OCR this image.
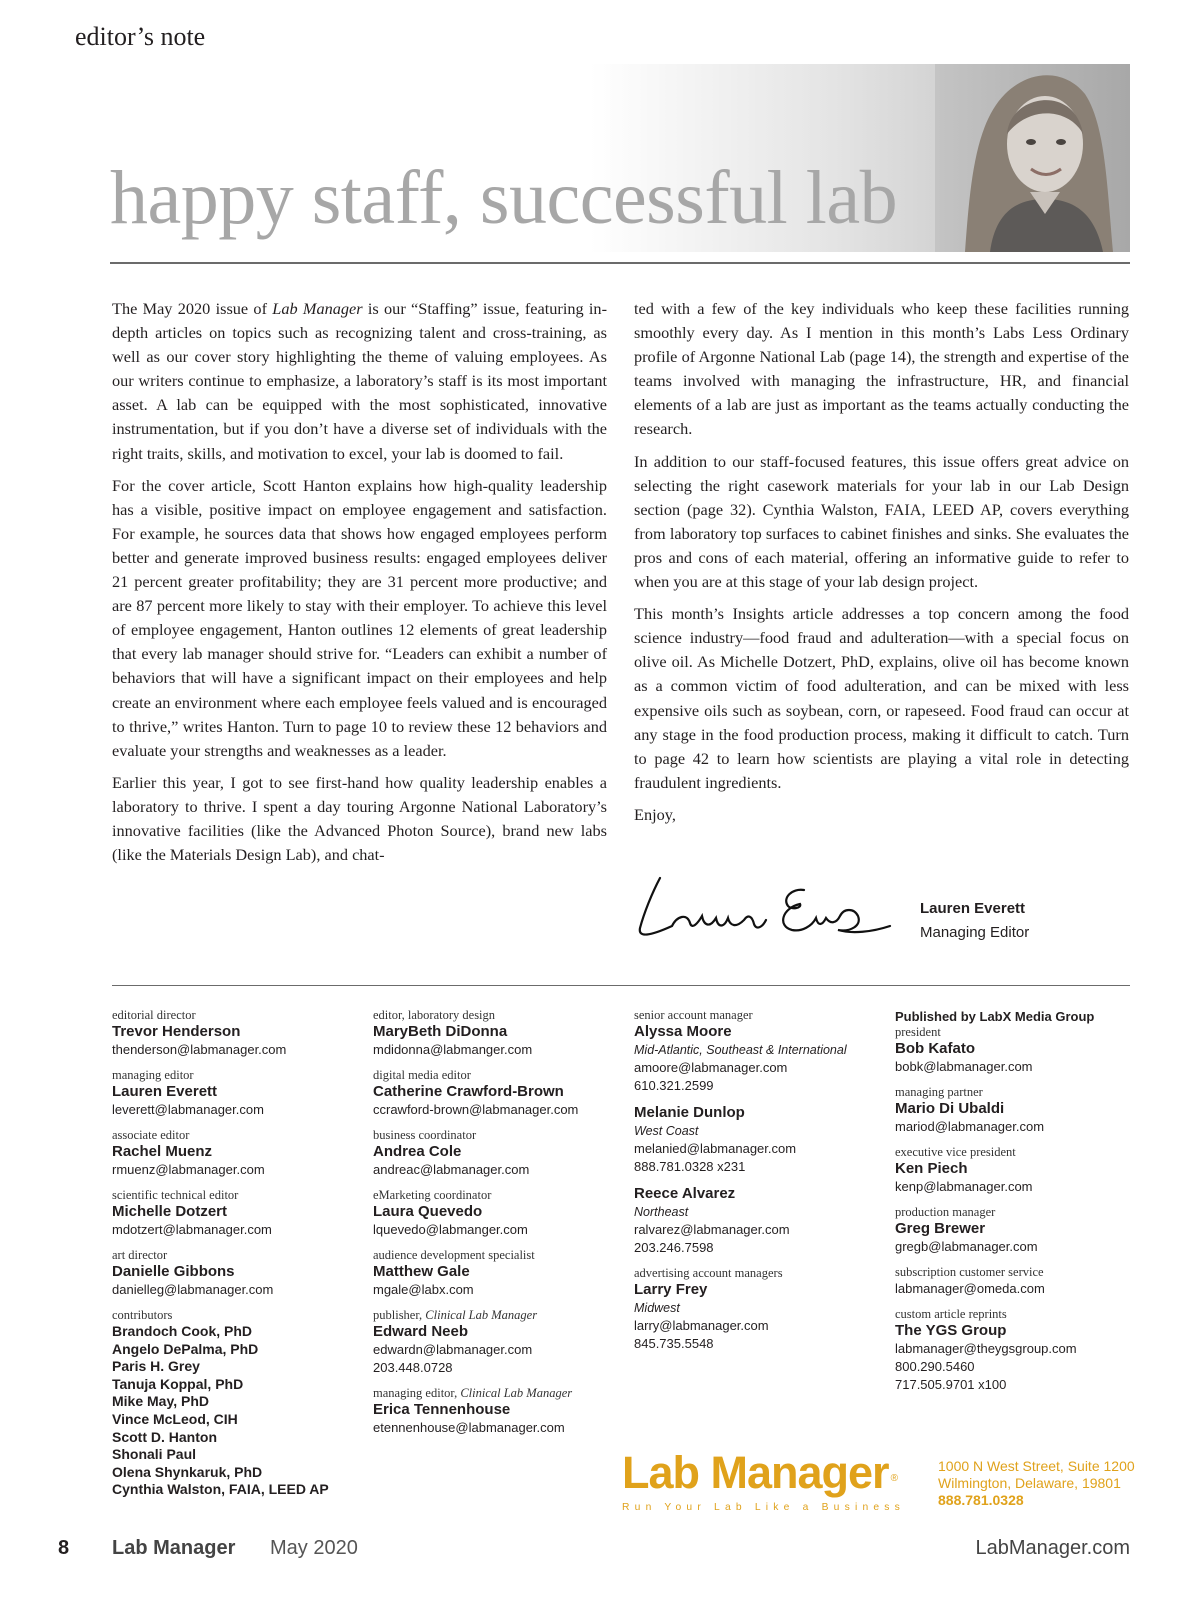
editor’s note
happy staff, successful lab

The May 2020 issue of Lab Manager is our “Staffing” issue, featuring in-depth articles on topics such as recognizing talent and cross-training, as well as our cover story highlighting the theme of valuing employees. As our writers continue to emphasize, a laboratory’s staff is its most important asset. A lab can be equipped with the most sophisticated, innovative instrumentation, but if you don’t have a diverse set of individuals with the right traits, skills, and motivation to excel, your lab is doomed to fail.

For the cover article, Scott Hanton explains how high-quality leadership has a visible, positive impact on employee engagement and satisfaction. For example, he sources data that shows how engaged employees perform better and generate improved business results: engaged employees deliver 21 percent greater profitability; they are 31 percent more productive; and are 87 percent more likely to stay with their employer. To achieve this level of employee engagement, Hanton outlines 12 elements of great leadership that every lab manager should strive for. “Leaders can exhibit a number of behaviors that will have a significant impact on their employees and help create an environment where each employee feels valued and is encouraged to thrive,” writes Hanton. Turn to page 10 to review these 12 behaviors and evaluate your strengths and weaknesses as a leader.

Earlier this year, I got to see first-hand how quality leadership enables a laboratory to thrive. I spent a day touring Argonne National Laboratory’s innovative facilities (like the Advanced Photon Source), brand new labs (like the Materials Design Lab), and chat-

ted with a few of the key individuals who keep these facilities running smoothly every day. As I mention in this month’s Labs Less Ordinary profile of Argonne National Lab (page 14), the strength and expertise of the teams involved with managing the infrastructure, HR, and financial elements of a lab are just as important as the teams actually conducting the research.

In addition to our staff-focused features, this issue offers great advice on selecting the right casework materials for your lab in our Lab Design section (page 32). Cynthia Walston, FAIA, LEED AP, covers everything from laboratory top surfaces to cabinet finishes and sinks. She evaluates the pros and cons of each material, offering an informative guide to refer to when you are at this stage of your lab design project.

This month’s Insights article addresses a top concern among the food science industry—food fraud and adulteration—with a special focus on olive oil. As Michelle Dotzert, PhD, explains, olive oil has become known as a common victim of food adulteration, and can be mixed with less expensive oils such as soybean, corn, or rapeseed. Food fraud can occur at any stage in the food production process, making it difficult to catch. Turn to page 42 to learn how scientists are playing a vital role in detecting fraudulent ingredients.

Enjoy,

Lauren Everett
Managing Editor
editorial director
Trevor Henderson
thenderson@labmanager.com
managing editor
Lauren Everett
leverett@labmanager.com
associate editor
Rachel Muenz
rmuenz@labmanager.com
scientific technical editor
Michelle Dotzert
mdotzert@labmanager.com
art director
Danielle Gibbons
danielleg@labmanager.com
contributors
Brandoch Cook, PhD
Angelo DePalma, PhD
Paris H. Grey
Tanuja Koppal, PhD
Mike May, PhD
Vince McLeod, CIH
Scott D. Hanton
Shonali Paul
Olena Shynkaruk, PhD
Cynthia Walston, FAIA, LEED AP
editor, laboratory design
MaryBeth DiDonna
mdidonna@labmanger.com
digital media editor
Catherine Crawford-Brown
ccrawford-brown@labmanager.com
business coordinator
Andrea Cole
andreac@labmanager.com
eMarketing coordinator
Laura Quevedo
lquevedo@labmanger.com
audience development specialist
Matthew Gale
mgale@labx.com
publisher, Clinical Lab Manager
Edward Neeb
edwardn@labmanager.com
203.448.0728
managing editor, Clinical Lab Manager
Erica Tennenhouse
etennenhouse@labmanager.com
senior account manager
Alyssa Moore
Mid-Atlantic, Southeast & International
amoore@labmanager.com
610.321.2599
Melanie Dunlop
West Coast
melanied@labmanager.com
888.781.0328 x231
Reece Alvarez
Northeast
ralvarez@labmanager.com
203.246.7598
advertising account managers
Larry Frey
Midwest
larry@labmanager.com
845.735.5548
Published by LabX Media Group
president
Bob Kafato
bobk@labmanager.com
managing partner
Mario Di Ubaldi
mariod@labmanager.com
executive vice president
Ken Piech
kenp@labmanager.com
production manager
Greg Brewer
gregb@labmanager.com
subscription customer service
labmanager@omeda.com
custom article reprints
The YGS Group
labmanager@theygsgroup.com
800.290.5460
717.505.9701 x100
Lab Manager ®
Run Your Lab Like a Business
1000 N West Street, Suite 1200
Wilmington, Delaware, 19801
888.781.0328
8 Lab Manager May 2020	LabManager.com
